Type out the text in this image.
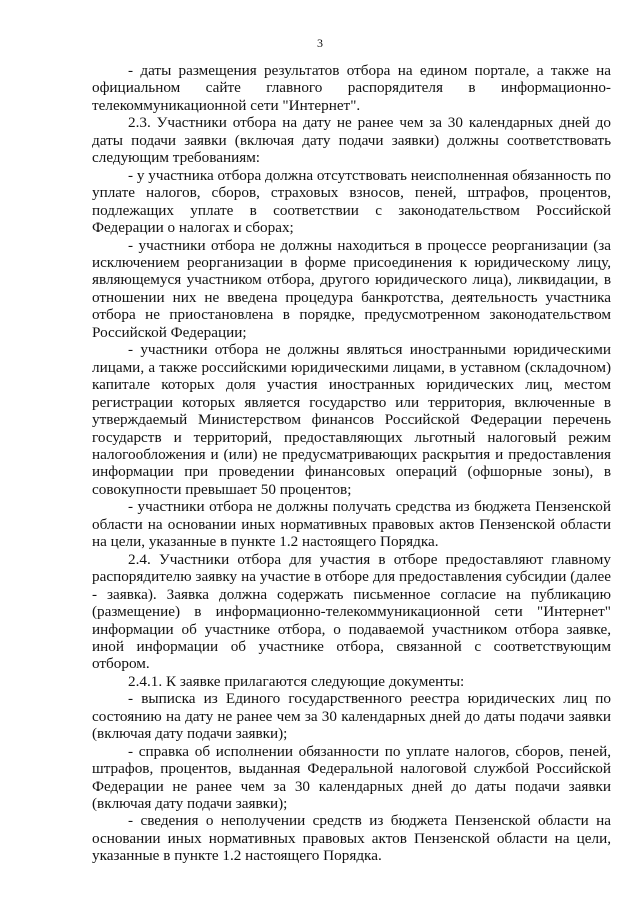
3

- даты размещения результатов отбора на едином портале, а также на официальном сайте главного распорядителя в информационно-телекоммуникационной сети "Интернет".

2.3. Участники отбора на дату не ранее чем за 30 календарных дней до даты подачи заявки (включая дату подачи заявки) должны соответствовать следующим требованиям:

- у участника отбора должна отсутствовать неисполненная обязанность по уплате налогов, сборов, страховых взносов, пеней, штрафов, процентов, подлежащих уплате в соответствии с законодательством Российской Федерации о налогах и сборах;

- участники отбора не должны находиться в процессе реорганизации (за исключением реорганизации в форме присоединения к юридическому лицу, являющемуся участником отбора, другого юридического лица), ликвидации, в отношении них не введена процедура банкротства, деятельность участника отбора не приостановлена в порядке, предусмотренном законодательством Российской Федерации;

- участники отбора не должны являться иностранными юридическими лицами, а также российскими юридическими лицами, в уставном (складочном) капитале которых доля участия иностранных юридических лиц, местом регистрации которых является государство или территория, включенные в утверждаемый Министерством финансов Российской Федерации перечень государств и территорий, предоставляющих льготный налоговый режим налогообложения и (или) не предусматривающих раскрытия и предоставления информации при проведении финансовых операций (офшорные зоны), в совокупности превышает 50 процентов;

- участники отбора не должны получать средства из бюджета Пензенской области на основании иных нормативных правовых актов Пензенской области на цели, указанные в пункте 1.2 настоящего Порядка.

2.4. Участники отбора для участия в отборе предоставляют главному распорядителю заявку на участие в отборе для предоставления субсидии (далее - заявка). Заявка должна содержать письменное согласие на публикацию (размещение) в информационно-телекоммуникационной сети "Интернет" информации об участнике отбора, о подаваемой участником отбора заявке, иной информации об участнике отбора, связанной с соответствующим отбором.

2.4.1. К заявке прилагаются следующие документы:

- выписка из Единого государственного реестра юридических лиц по состоянию на дату не ранее чем за 30 календарных дней до даты подачи заявки (включая дату подачи заявки);

- справка об исполнении обязанности по уплате налогов, сборов, пеней, штрафов, процентов, выданная Федеральной налоговой службой Российской Федерации не ранее чем за 30 календарных дней до даты подачи заявки (включая дату подачи заявки);

- сведения о неполучении средств из бюджета Пензенской области на основании иных нормативных правовых актов Пензенской области на цели, указанные в пункте 1.2 настоящего Порядка.
